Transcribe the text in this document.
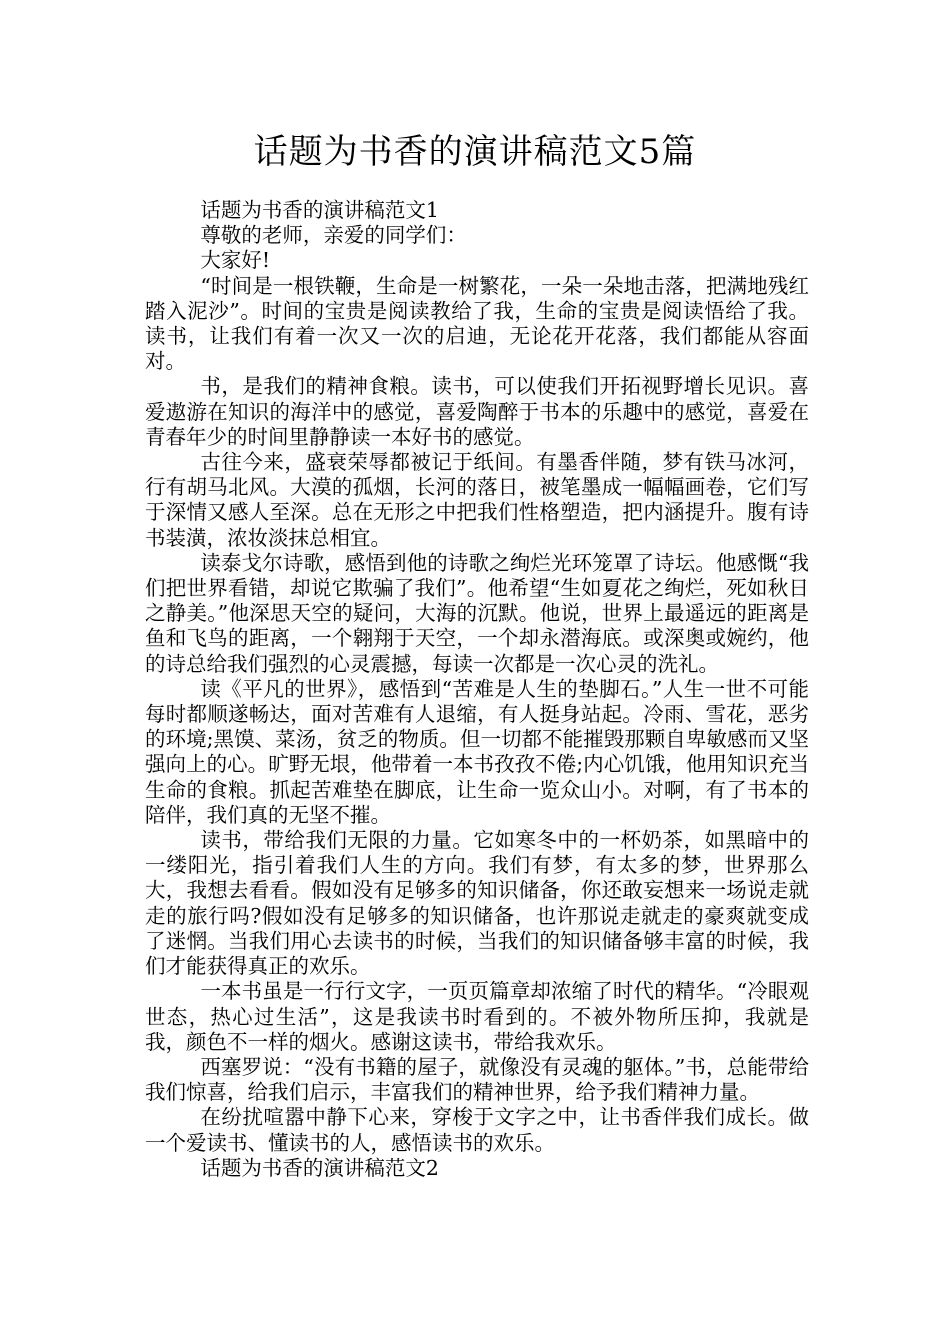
话题为书香的演讲稿范文5篇

话题为书香的演讲稿范文1

尊敬的老师，亲爱的同学们：

大家好!

“时间是一根铁鞭，生命是一树繁花，一朵一朵地击落，把满地残红踏入泥沙”。时间的宝贵是阅读教给了我，生命的宝贵是阅读悟给了我。读书，让我们有着一次又一次的启迪，无论花开花落，我们都能从容面对。

书，是我们的精神食粮。读书，可以使我们开拓视野增长见识。喜爱遨游在知识的海洋中的感觉，喜爱陶醉于书本的乐趣中的感觉，喜爱在青春年少的时间里静静读一本好书的感觉。

古往今来，盛衰荣辱都被记于纸间。有墨香伴随，梦有铁马冰河，行有胡马北风。大漠的孤烟，长河的落日，被笔墨成一幅幅画卷，它们写于深情又感人至深。总在无形之中把我们性格塑造，把内涵提升。腹有诗书装潢，浓妆淡抹总相宜。

读泰戈尔诗歌，感悟到他的诗歌之绚烂光环笼罩了诗坛。他感慨“我们把世界看错，却说它欺骗了我们”。他希望“生如夏花之绚烂，死如秋日之静美。”他深思天空的疑问，大海的沉默。他说，世界上最遥远的距离是鱼和飞鸟的距离，一个翱翔于天空，一个却永潜海底。或深奥或婉约，他的诗总给我们强烈的心灵震撼，每读一次都是一次心灵的洗礼。

读《平凡的世界》，感悟到“苦难是人生的垫脚石。”人生一世不可能每时都顺遂畅达，面对苦难有人退缩，有人挺身站起。冷雨、雪花，恶劣的环境;黑馍、菜汤，贫乏的物质。但一切都不能摧毁那颗自卑敏感而又坚强向上的心。旷野无垠，他带着一本书孜孜不倦;内心饥饿，他用知识充当生命的食粮。抓起苦难垫在脚底，让生命一览众山小。对啊，有了书本的陪伴，我们真的无坚不摧。

读书，带给我们无限的力量。它如寒冬中的一杯奶茶，如黑暗中的一缕阳光，指引着我们人生的方向。我们有梦，有太多的梦，世界那么大，我想去看看。假如没有足够多的知识储备，你还敢妄想来一场说走就走的旅行吗?假如没有足够多的知识储备，也许那说走就走的豪爽就变成了迷惘。当我们用心去读书的时候，当我们的知识储备够丰富的时候，我们才能获得真正的欢乐。

一本书虽是一行行文字，一页页篇章却浓缩了时代的精华。“冷眼观世态，热心过生活”，这是我读书时看到的。不被外物所压抑，我就是我，颜色不一样的烟火。感谢这读书，带给我欢乐。

西塞罗说：“没有书籍的屋子，就像没有灵魂的躯体。”书，总能带给我们惊喜，给我们启示，丰富我们的精神世界，给予我们精神力量。

在纷扰喧嚣中静下心来，穿梭于文字之中，让书香伴我们成长。做一个爱读书、懂读书的人，感悟读书的欢乐。

话题为书香的演讲稿范文2
